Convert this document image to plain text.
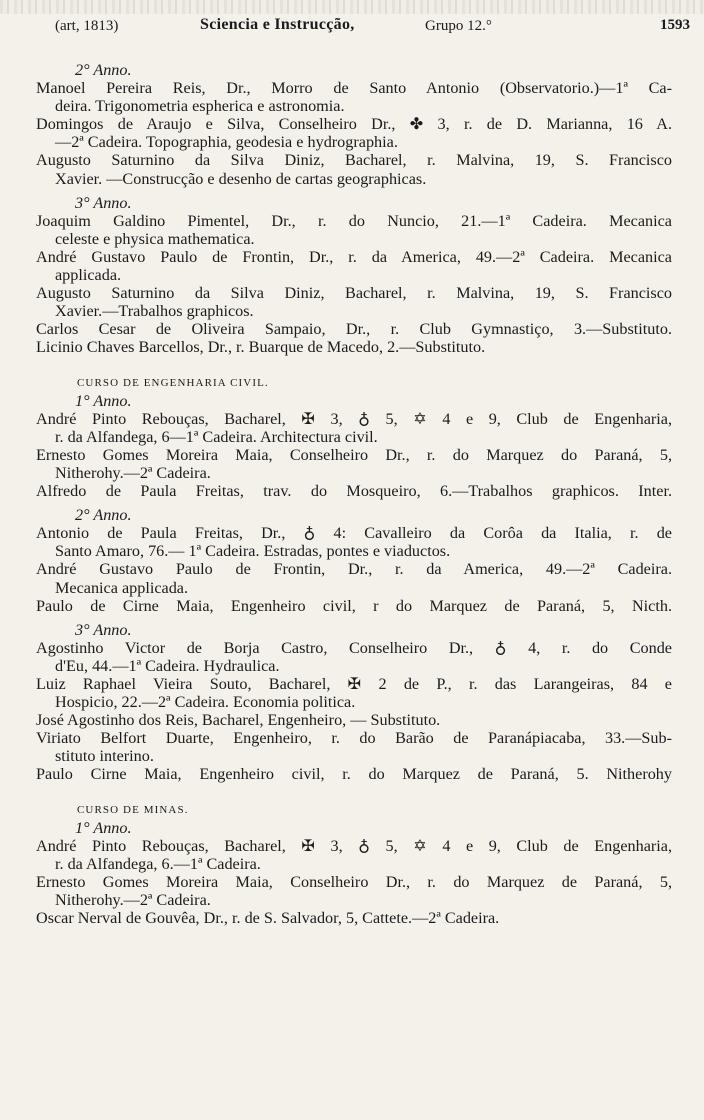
(art, 1813)	Sciencia e Instrucção,	Grupo 12.°	1593
2° Anno.
Manoel Pereira Reis, Dr., Morro de Santo Antonio (Observatorio.)—1ª Ca-
deira. Trigonometria espherica e astronomia.
Domingos de Araujo e Silva, Conselheiro Dr., ✤ 3, r. de D. Marianna, 16 A.
—2ª Cadeira. Topographia, geodesia e hydrographia.
Augusto Saturnino da Silva Diniz, Bacharel, r. Malvina, 19, S. Francisco
Xavier. —Construcção e desenho de cartas geographicas.
3° Anno.
Joaquim Galdino Pimentel, Dr., r. do Nuncio, 21.—1ª Cadeira. Mecanica
celeste e physica mathematica.
André Gustavo Paulo de Frontin, Dr., r. da America, 49.—2ª Cadeira. Mecanica
applicada.
Augusto Saturnino da Silva Diniz, Bacharel, r. Malvina, 19, S. Francisco
Xavier.—Trabalhos graphicos.
Carlos Cesar de Oliveira Sampaio, Dr., r. Club Gymnastiço, 3.—Substituto.
Licinio Chaves Barcellos, Dr., r. Buarque de Macedo, 2.—Substituto.
CURSO DE ENGENHARIA CIVIL.
1° Anno.
André Pinto Rebouças, Bacharel, ✠ 3, ♁ 5, ✡ 4 e 9, Club de Engenharia,
r. da Alfandega, 6—1ª Cadeira. Architectura civil.
Ernesto Gomes Moreira Maia, Conselheiro Dr., r. do Marquez do Paraná, 5,
Nitherohy.—2ª Cadeira.
Alfredo de Paula Freitas, trav. do Mosqueiro, 6.—Trabalhos graphicos. Inter.
2° Anno.
Antonio de Paula Freitas, Dr., ♁ 4: Cavalleiro da Corôa da Italia, r. de
Santo Amaro, 76.— 1ª Cadeira. Estradas, pontes e viaductos.
André Gustavo Paulo de Frontin, Dr., r. da America, 49.—2ª Cadeira.
Mecanica applicada.
Paulo de Cirne Maia, Engenheiro civil, r do Marquez de Paraná, 5, Nicth.
3° Anno.
Agostinho Victor de Borja Castro, Conselheiro Dr., ♁ 4, r. do Conde
d'Eu, 44.—1ª Cadeira. Hydraulica.
Luiz Raphael Vieira Souto, Bacharel, ✠ 2 de P., r. das Larangeiras, 84 e
Hospicio, 22.—2ª Cadeira. Economia politica.
José Agostinho dos Reis, Bacharel, Engenheiro, — Substituto.
Viriato Belfort Duarte, Engenheiro, r. do Barão de Paranápiacaba, 33.—Sub-
stituto interino.
Paulo Cirne Maia, Engenheiro civil, r. do Marquez de Paraná, 5. Nitherohy
CURSO DE MINAS.
1° Anno.
André Pinto Rebouças, Bacharel, ✠ 3, ♁ 5, ✡ 4 e 9, Club de Engenharia,
r. da Alfandega, 6.—1ª Cadeira.
Ernesto Gomes Moreira Maia, Conselheiro Dr., r. do Marquez de Paraná, 5,
Nitherohy.—2ª Cadeira.
Oscar Nerval de Gouvêa, Dr., r. de S. Salvador, 5, Cattete.—2ª Cadeira.
